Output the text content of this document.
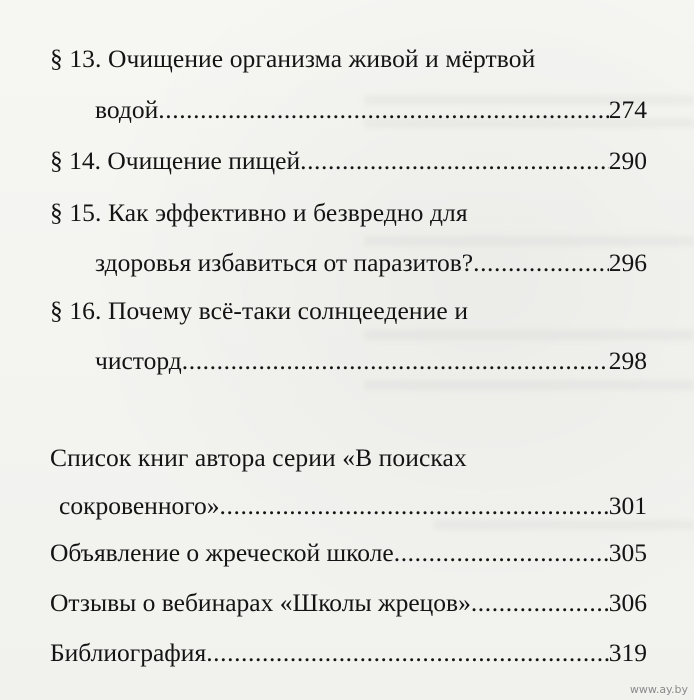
§ 13. Очищение организма живой и мёртвой
водой .....	274
§ 14. Очищение пищей .....	290
§ 15. Как эффективно и безвредно для
здоровья избавиться от паразитов? .....	296
§ 16. Почему всё-таки солнцеедение и
чисторд .....	298
Список книг автора серии «В поисках
сокровенного» .....	301
Объявление о жреческой школе .....	305
Отзывы о вебинарах «Школы жрецов» .....	306
Библиография .....	319
www.ay.by
